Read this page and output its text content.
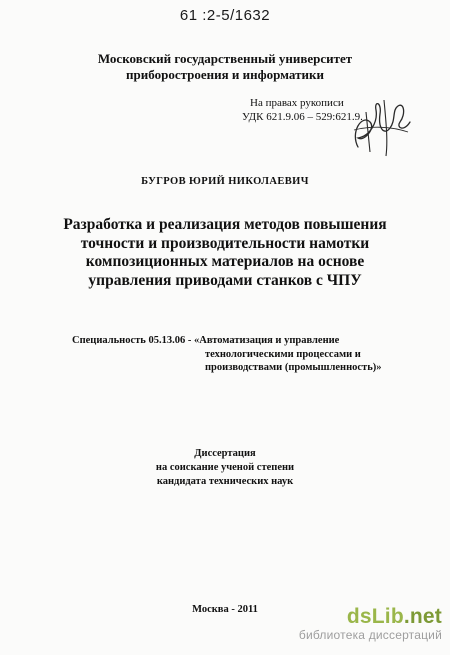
61 :2-5/1632
Московский государственный университет
приборостроения и информатики
На правах рукописи
УДК 621.9.06 – 529:621.9.
БУГРОВ ЮРИЙ НИКОЛАЕВИЧ
Разработка и реализация методов повышения
точности и производительности намотки
композиционных материалов на основе
управления приводами станков с ЧПУ
Специальность 05.13.06 - «Автоматизация и управление
технологическими процессами и
производствами (промышленность)»
Диссертация
на соискание ученой степени
кандидата технических наук
Москва - 2011	dsLib.net
библиотека диссертаций
